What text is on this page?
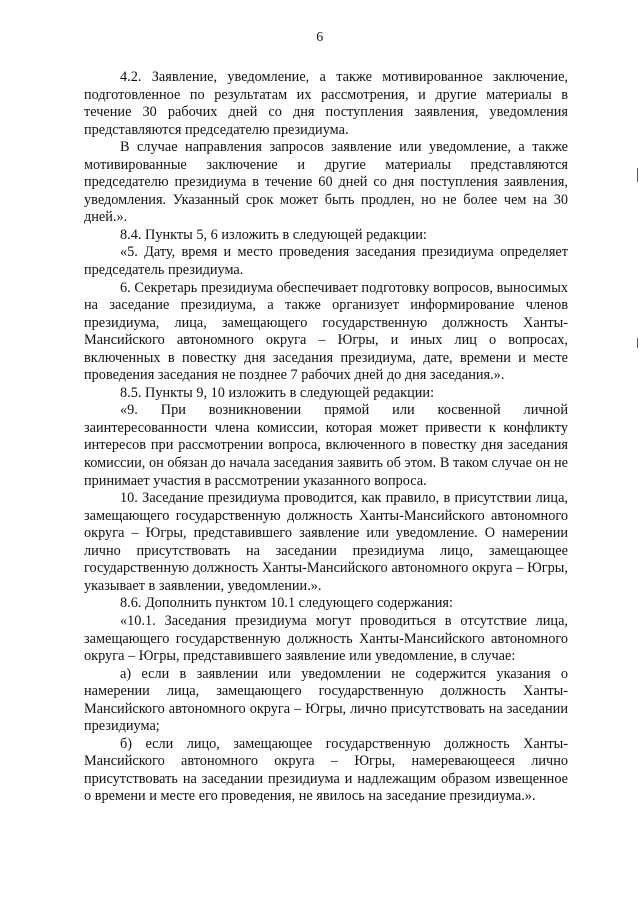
6

4.2. Заявление, уведомление, а также мотивированное заключение, подготовленное по результатам их рассмотрения, и другие материалы в течение 30 рабочих дней со дня поступления заявления, уведомления представляются председателю президиума.

В случае направления запросов заявление или уведомление, а также мотивированные заключение и другие материалы представляются председателю президиума в течение 60 дней со дня поступления заявления, уведомления. Указанный срок может быть продлен, но не более чем на 30 дней.».

8.4. Пункты 5, 6 изложить в следующей редакции:

«5. Дату, время и место проведения заседания президиума определяет председатель президиума.

6. Секретарь президиума обеспечивает подготовку вопросов, выносимых на заседание президиума, а также организует информирование членов президиума, лица, замещающего государственную должность Ханты-Мансийского автономного округа – Югры, и иных лиц о вопросах, включенных в повестку дня заседания президиума, дате, времени и месте проведения заседания не позднее 7 рабочих дней до дня заседания.».

8.5. Пункты 9, 10 изложить в следующей редакции:

«9. При возникновении прямой или косвенной личной заинтересованности члена комиссии, которая может привести к конфликту интересов при рассмотрении вопроса, включенного в повестку дня заседания комиссии, он обязан до начала заседания заявить об этом. В таком случае он не принимает участия в рассмотрении указанного вопроса.

10. Заседание президиума проводится, как правило, в присутствии лица, замещающего государственную должность Ханты-Мансийского автономного округа – Югры, представившего заявление или уведомление. О намерении лично присутствовать на заседании президиума лицо, замещающее государственную должность Ханты-Мансийского автономного округа – Югры, указывает в заявлении, уведомлении.».

8.6. Дополнить пунктом 10.1 следующего содержания:

«10.1. Заседания президиума могут проводиться в отсутствие лица, замещающего государственную должность Ханты-Мансийского автономного округа – Югры, представившего заявление или уведомление, в случае:

а) если в заявлении или уведомлении не содержится указания о намерении лица, замещающего государственную должность Ханты-Мансийского автономного округа – Югры, лично присутствовать на заседании президиума;

б) если лицо, замещающее государственную должность Ханты-Мансийского автономного округа – Югры, намеревающееся лично присутствовать на заседании президиума и надлежащим образом извещенное о времени и месте его проведения, не явилось на заседание президиума.».
